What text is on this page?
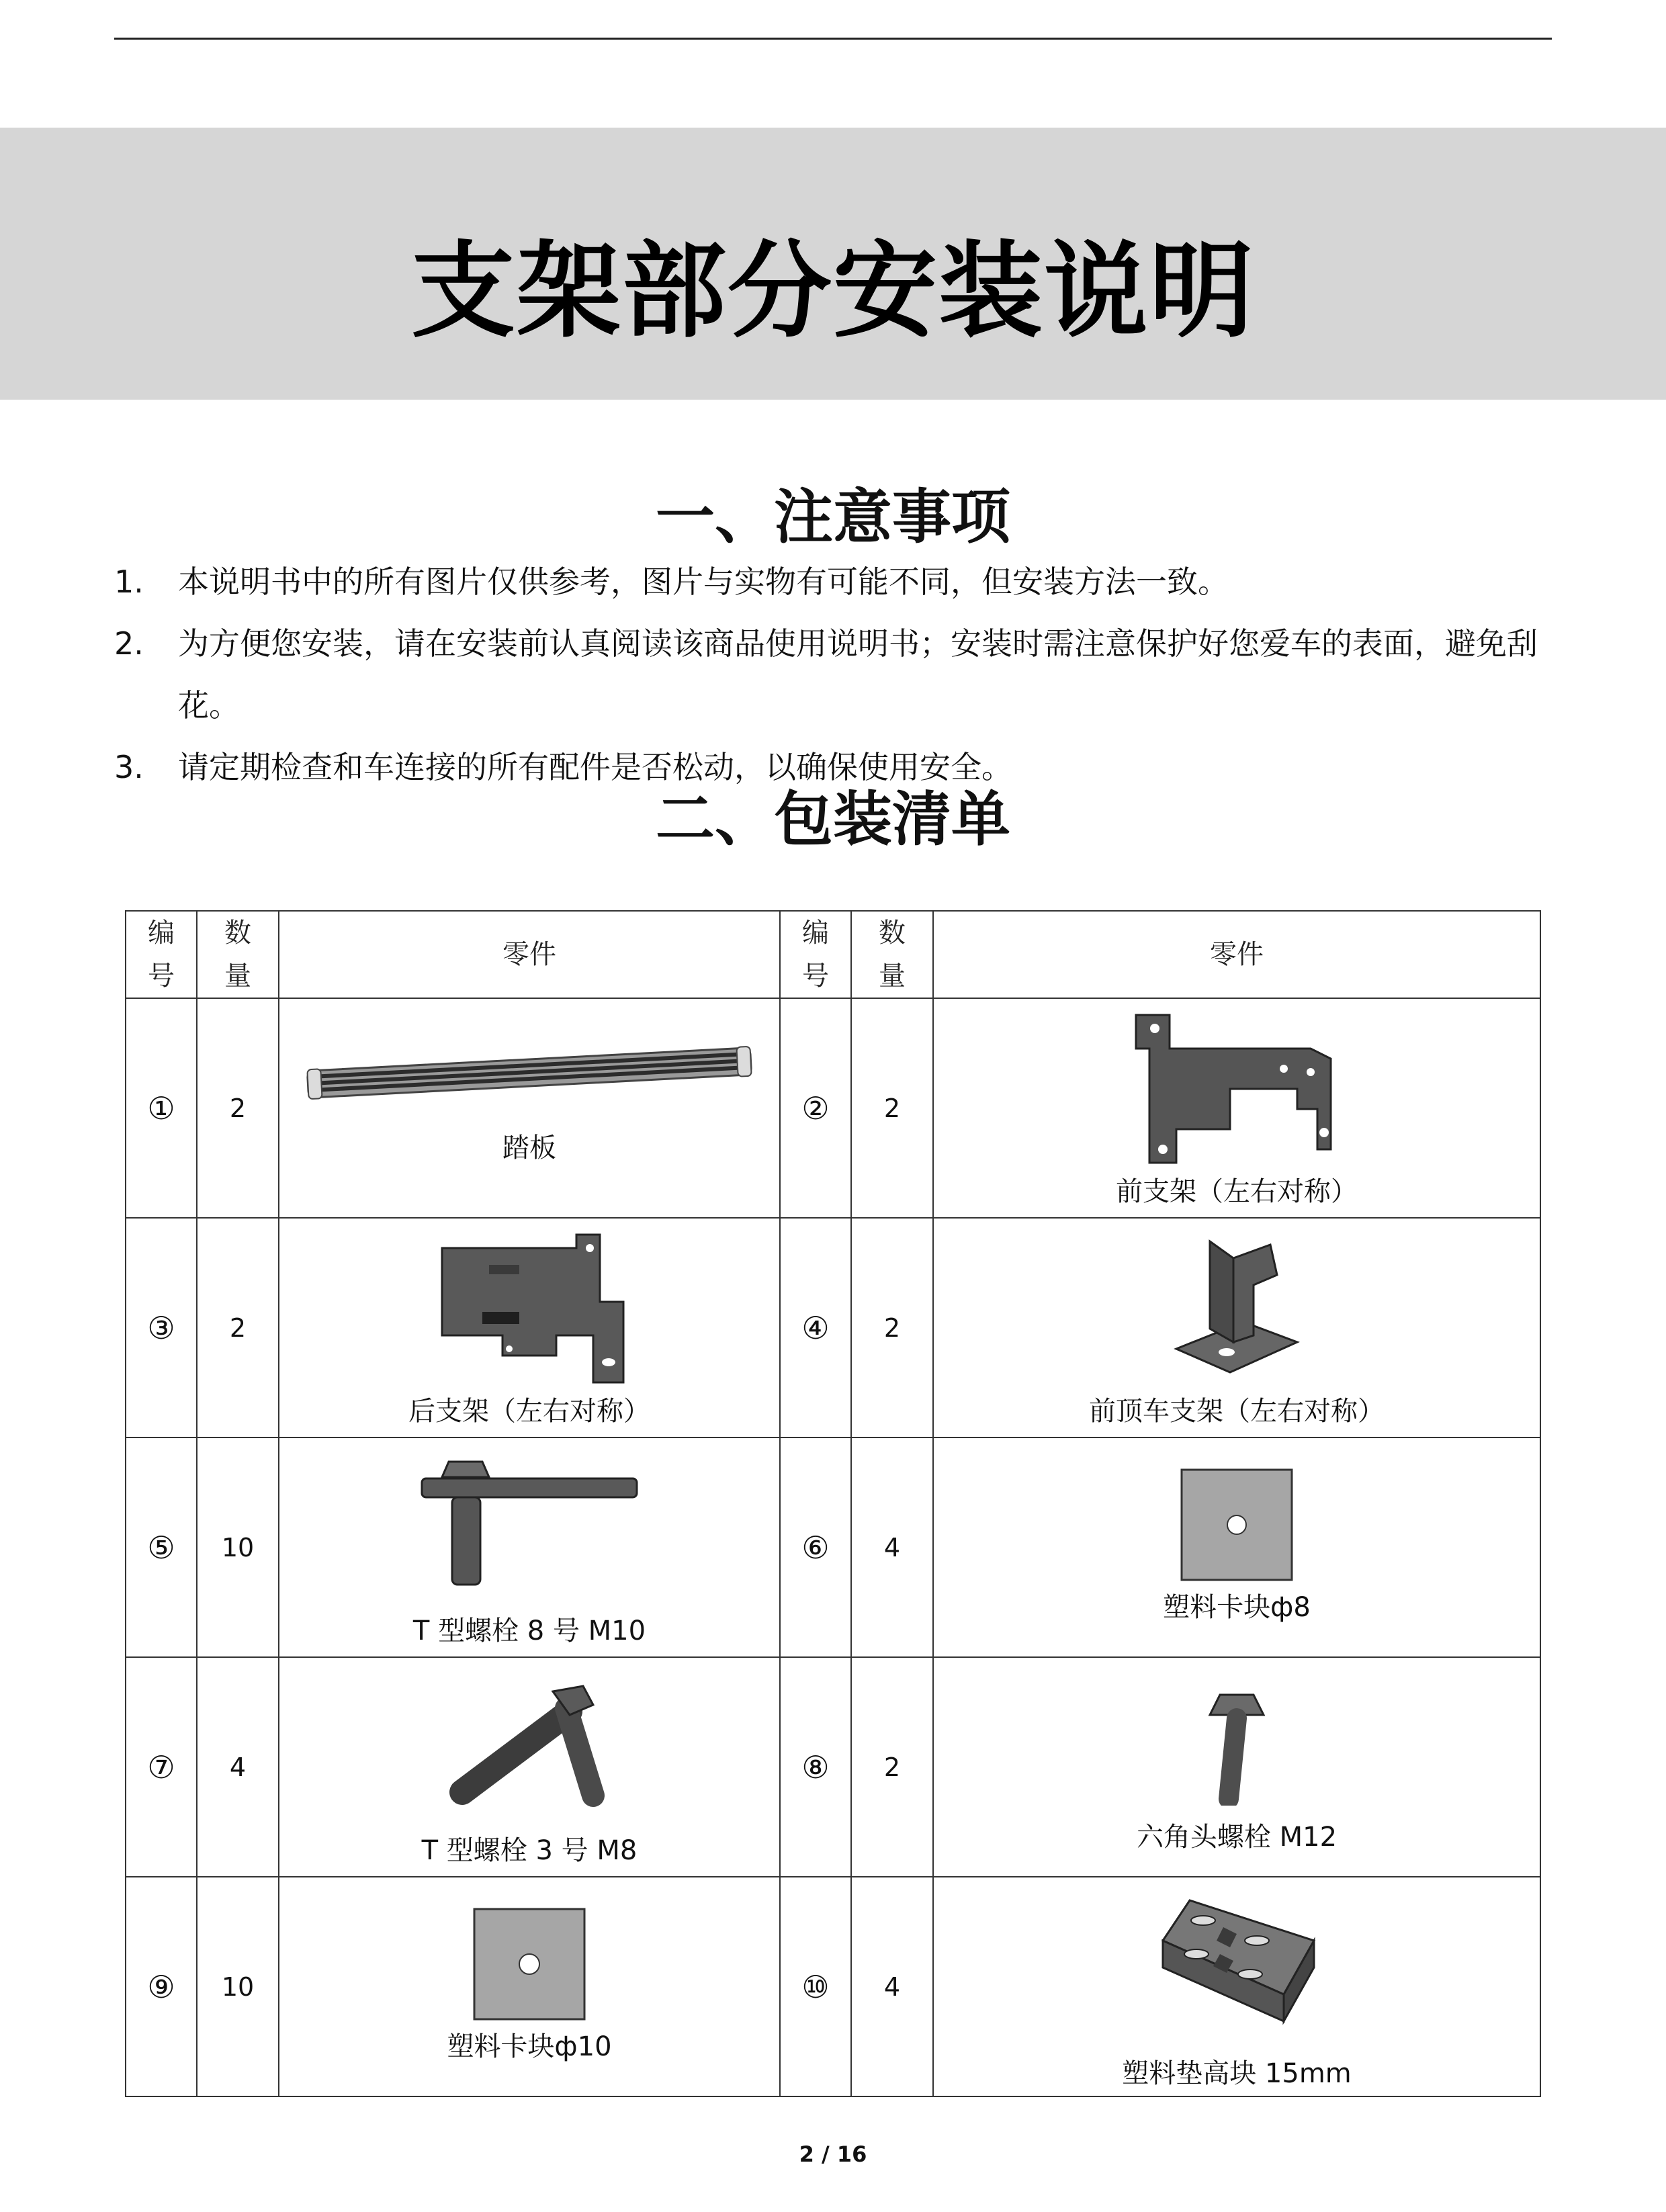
支架部分安装说明
一、注意事项
1. 本说明书中的所有图片仅供参考，图片与实物有可能不同，但安装方法一致。
2. 为方便您安装，请在安装前认真阅读该商品使用说明书；安装时需注意保护好您爱车的表面，避免刮花。
3. 请定期检查和车连接的所有配件是否松动，以确保使用安全。
二、包装清单
编号	数量	零件	编号	数量	零件
①	2	踏板	②	2	前支架（左右对称）

③	2	后支架（左右对称）	④	2	前顶车支架（左右对称）

⑤	10	T 型螺栓 8 号 M10	⑥	4	塑料卡块ф8

⑦	4	T 型螺栓 3 号 M8	⑧	2	六角头螺栓 M12

⑨	10	塑料卡块ф10	⑩	4	塑料垫高块 15mm
2 / 16
